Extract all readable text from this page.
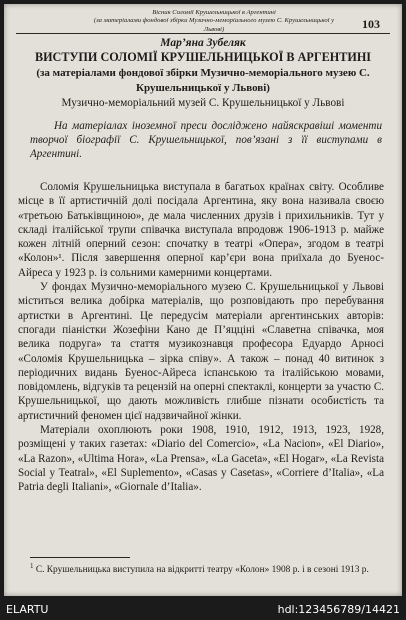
Вісник Соломії Крушельницької в Аргентині
(за матеріалами фондової збірки Музично-меморіального музею С. Крушельницької у Львові)	103
Мар’яна Зубеляк
ВИСТУПИ СОЛОМІЇ КРУШЕЛЬНИЦЬКОЇ В АРГЕНТИНІ
(за матеріалами фондової збірки Музично-меморіального музею С. Крушельницької у Львові)
Музично-меморіальний музей С. Крушельницької у Львові
На матеріалах іноземної преси досліджено найяскравіші моменти творчої біографії С. Крушельницької, пов’язані з її виступами в Аргентині.

Соломія Крушельницька виступала в багатьох країнах світу. Особливе місце в її артистичній долі посідала Аргентина, яку вона називала своєю «третьою Батьківщиною», де мала численних друзів і прихильників. Тут у складі італійської трупи співачка виступала впродовж 1906-1913 р. майже кожен літній оперний сезон: спочатку в театрі «Опера», згодом в театрі «Колон»¹. Після завершення оперної кар’єри вона приїхала до Буенос-Айреса у 1923 р. із сольними камерними концертами.

У фондах Музично-меморіального музею С. Крушельницької у Львові міститься велика добірка матеріалів, що розповідають про перебування артистки в Аргентині. Це передусім матеріали аргентинських авторів: спогади піаністки Жозефіни Кано де П’яцціні «Славетна співачка, моя велика подруга» та стаття музикознавця професора Едуардо Арносі «Соломія Крушельницька – зірка співу». А також – понад 40 витинок з періодичних видань Буенос-Айреса іспанською та італійською мовами, повідомлень, відгуків та рецензій на оперні спектаклі, концерти за участю С. Крушельницької, що дають можливість глибше пізнати особистість та артистичний феномен цієї надзвичайної жінки.

Матеріали охоплюють роки 1908, 1910, 1912, 1913, 1923, 1928, розміщені у таких газетах: «Diario del Comercio», «La Nacion», «El Diario», «La Razon», «Ultima Hora», «La Prensa», «La Gaceta», «El Hogar», «La Revista Social y Teatral», «El Suplemento», «Casas y Casetas», «Corriere d’Italia», «La Patria degli Italiani», «Giornale d’Italia».

$^1$ С. Крушельницька виступила на відкритті театру «Колон» 1908 р. і в сезоні 1913 р.
ELARTU	hdl:123456789/14421
